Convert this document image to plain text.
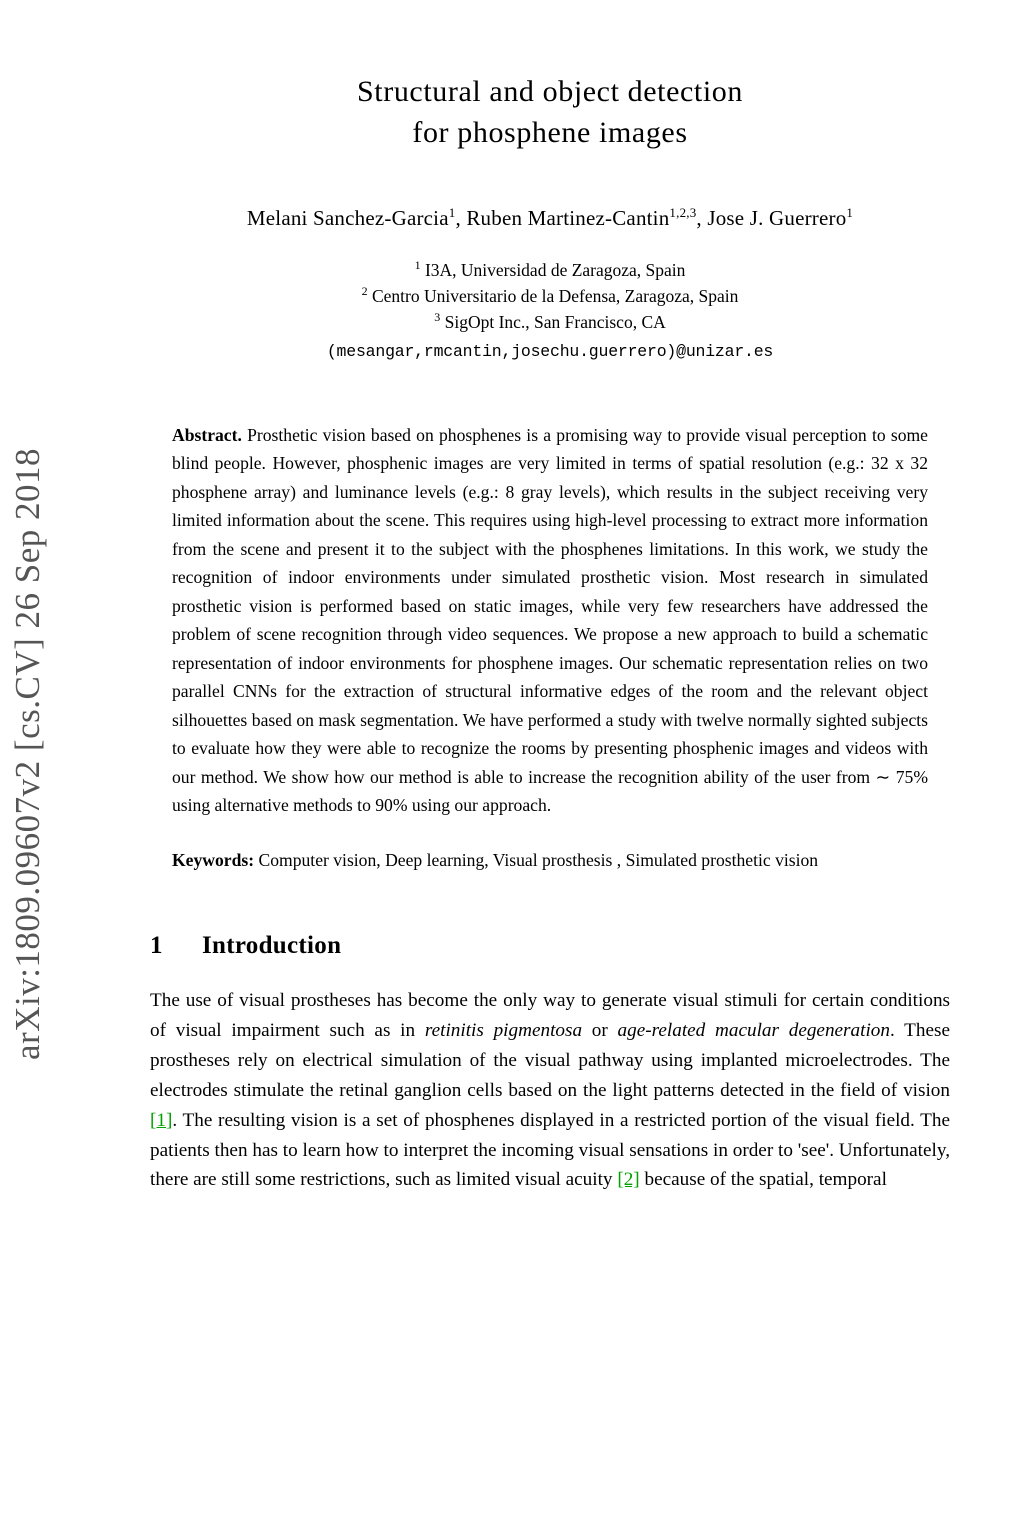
arXiv:1809.09607v2 [cs.CV] 26 Sep 2018
Structural and object detection
for phosphene images
Melani Sanchez-Garcia$^1$, Ruben Martinez-Cantin$^{1,2,3}$, Jose J. Guerrero$^1$
$^1$ I3A, Universidad de Zaragoza, Spain
$^2$ Centro Universitario de la Defensa, Zaragoza, Spain
$^3$ SigOpt Inc., San Francisco, CA
(mesangar,rmcantin,josechu.guerrero)@unizar.es
Abstract. Prosthetic vision based on phosphenes is a promising way to provide visual perception to some blind people. However, phosphenic images are very limited in terms of spatial resolution (e.g.: 32 x 32 phosphene array) and luminance levels (e.g.: 8 gray levels), which results in the subject receiving very limited information about the scene. This requires using high-level processing to extract more information from the scene and present it to the subject with the phosphenes limitations. In this work, we study the recognition of indoor environments under simulated prosthetic vision. Most research in simulated prosthetic vision is performed based on static images, while very few researchers have addressed the problem of scene recognition through video sequences. We propose a new approach to build a schematic representation of indoor environments for phosphene images. Our schematic representation relies on two parallel CNNs for the extraction of structural informative edges of the room and the relevant object silhouettes based on mask segmentation. We have performed a study with twelve normally sighted subjects to evaluate how they were able to recognize the rooms by presenting phosphenic images and videos with our method. We show how our method is able to increase the recognition ability of the user from ∼ 75% using alternative methods to 90% using our approach.
Keywords: Computer vision, Deep learning, Visual prosthesis , Simulated prosthetic vision
1 Introduction
The use of visual prostheses has become the only way to generate visual stimuli for certain conditions of visual impairment such as in retinitis pigmentosa or age-related macular degeneration. These prostheses rely on electrical simulation of the visual pathway using implanted microelectrodes. The electrodes stimulate the retinal ganglion cells based on the light patterns detected in the field of vision [1]. The resulting vision is a set of phosphenes displayed in a restricted portion of the visual field. The patients then has to learn how to interpret the incoming visual sensations in order to 'see'. Unfortunately, there are still some restrictions, such as limited visual acuity [2] because of the spatial, temporal
